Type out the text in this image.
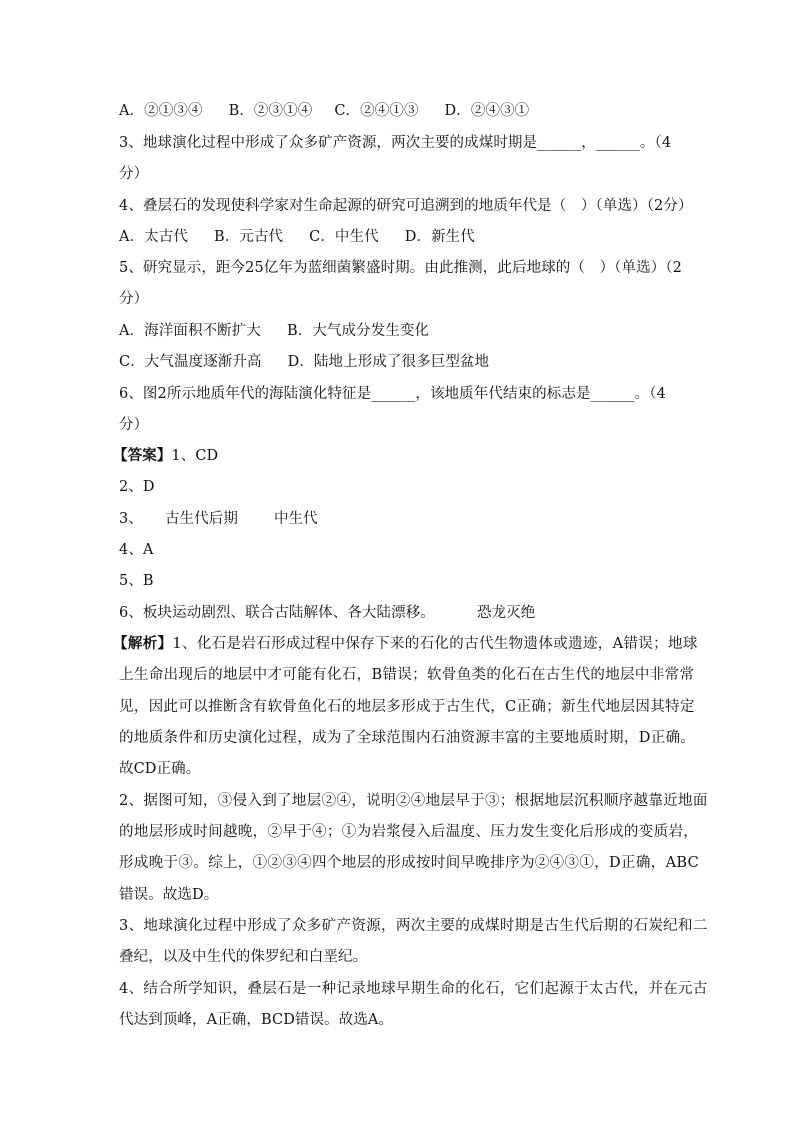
A．②①③④ B．②③①④ C．②④①③ D．②④③①
3、地球演化过程中形成了众多矿产资源，两次主要的成煤时期是______，______。（4
分）
4、叠层石的发现使科学家对生命起源的研究可追溯到的地质年代是（　）（单选）（2分）
A．太古代 B．元古代 C．中生代 D．新生代
5、研究显示，距今25亿年为蓝细菌繁盛时期。由此推测，此后地球的（　）（单选）（2
分）
A．海洋面积不断扩大 B．大气成分发生变化
C．大气温度逐渐升高 D．陆地上形成了很多巨型盆地
6、图2所示地质年代的海陆演化特征是______，该地质年代结束的标志是______。（4
分）
【答案】1、CD
2、D
3、 古生代后期 中生代
4、A
5、B
6、板块运动剧烈、联合古陆解体、各大陆漂移。	恐龙灭绝
【解析】1、化石是岩石形成过程中保存下来的石化的古代生物遗体或遗迹，A错误；地球
上生命出现后的地层中才可能有化石，B错误；软骨鱼类的化石在古生代的地层中非常常
见，因此可以推断含有软骨鱼化石的地层多形成于古生代，C正确；新生代地层因其特定
的地质条件和历史演化过程，成为了全球范围内石油资源丰富的主要地质时期，D正确。
故CD正确。
2、据图可知，③侵入到了地层②④，说明②④地层早于③；根据地层沉积顺序越靠近地面
的地层形成时间越晚，②早于④；①为岩浆侵入后温度、压力发生变化后形成的变质岩，
形成晚于③。综上，①②③④四个地层的形成按时间早晚排序为②④③①，D正确，ABC
错误。故选D。
3、地球演化过程中形成了众多矿产资源，两次主要的成煤时期是古生代后期的石炭纪和二
叠纪，以及中生代的侏罗纪和白垩纪。
4、结合所学知识，叠层石是一种记录地球早期生命的化石，它们起源于太古代，并在元古
代达到顶峰，A正确，BCD错误。故选A。
